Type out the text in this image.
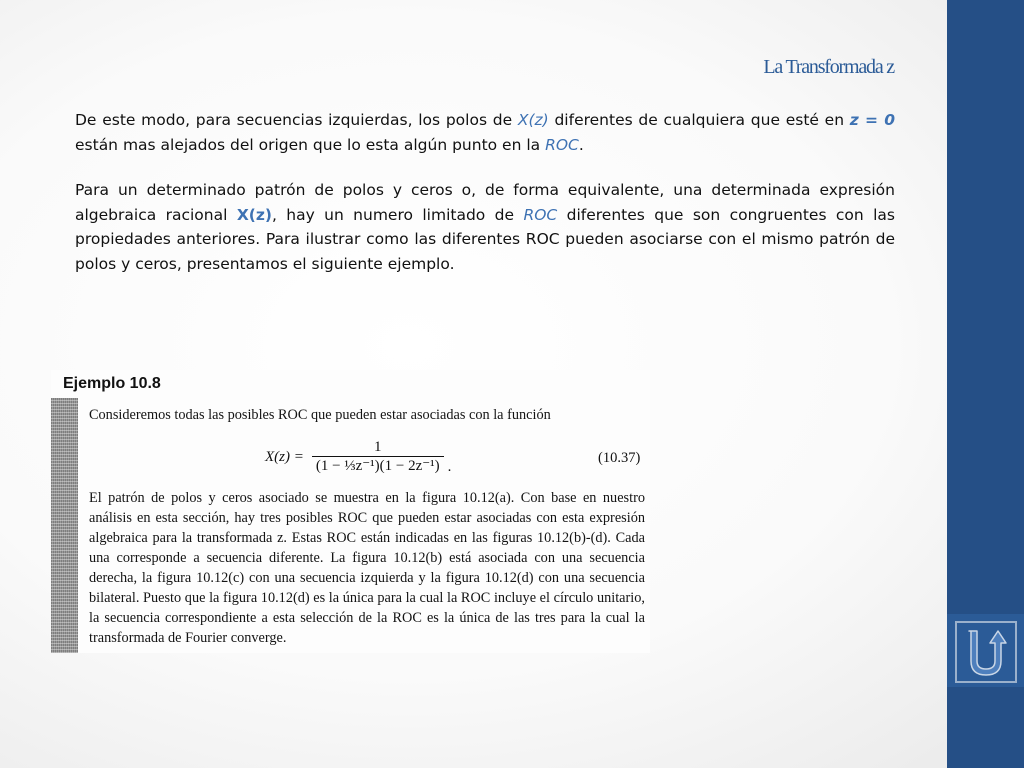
La Transformada z

De este modo, para secuencias izquierdas, los polos de X(z) diferentes de cualquiera que esté en z = 0 están mas alejados del origen que lo esta algún punto en la ROC.

Para un determinado patrón de polos y ceros o, de forma equivalente, una determinada expresión algebraica racional X(z), hay un numero limitado de ROC diferentes que son congruentes con las propiedades anteriores. Para ilustrar como las diferentes ROC pueden asociarse con el mismo patrón de polos y ceros, presentamos el siguiente ejemplo.

Ejemplo 10.8
Consideremos todas las posibles ROC que pueden estar asociadas con la función
$X(z) = \frac{1}{\text{(1 − ⅓z⁻¹)(1 − 2z⁻¹)}}$ .
(10.37)
El patrón de polos y ceros asociado se muestra en la figura 10.12(a). Con base en nuestro análisis en esta sección, hay tres posibles ROC que pueden estar asociadas con esta expresión algebraica para la transformada z. Estas ROC están indicadas en las figuras 10.12(b)-(d). Cada una corresponde a secuencia diferente. La figura 10.12(b) está asociada con una secuencia derecha, la figura 10.12(c) con una secuencia izquierda y la figura 10.12(d) con una secuencia bilateral. Puesto que la figura 10.12(d) es la única para la cual la ROC incluye el círculo unitario, la secuencia correspondiente a esta selección de la ROC es la única de las tres para la cual la transformada de Fourier converge.
